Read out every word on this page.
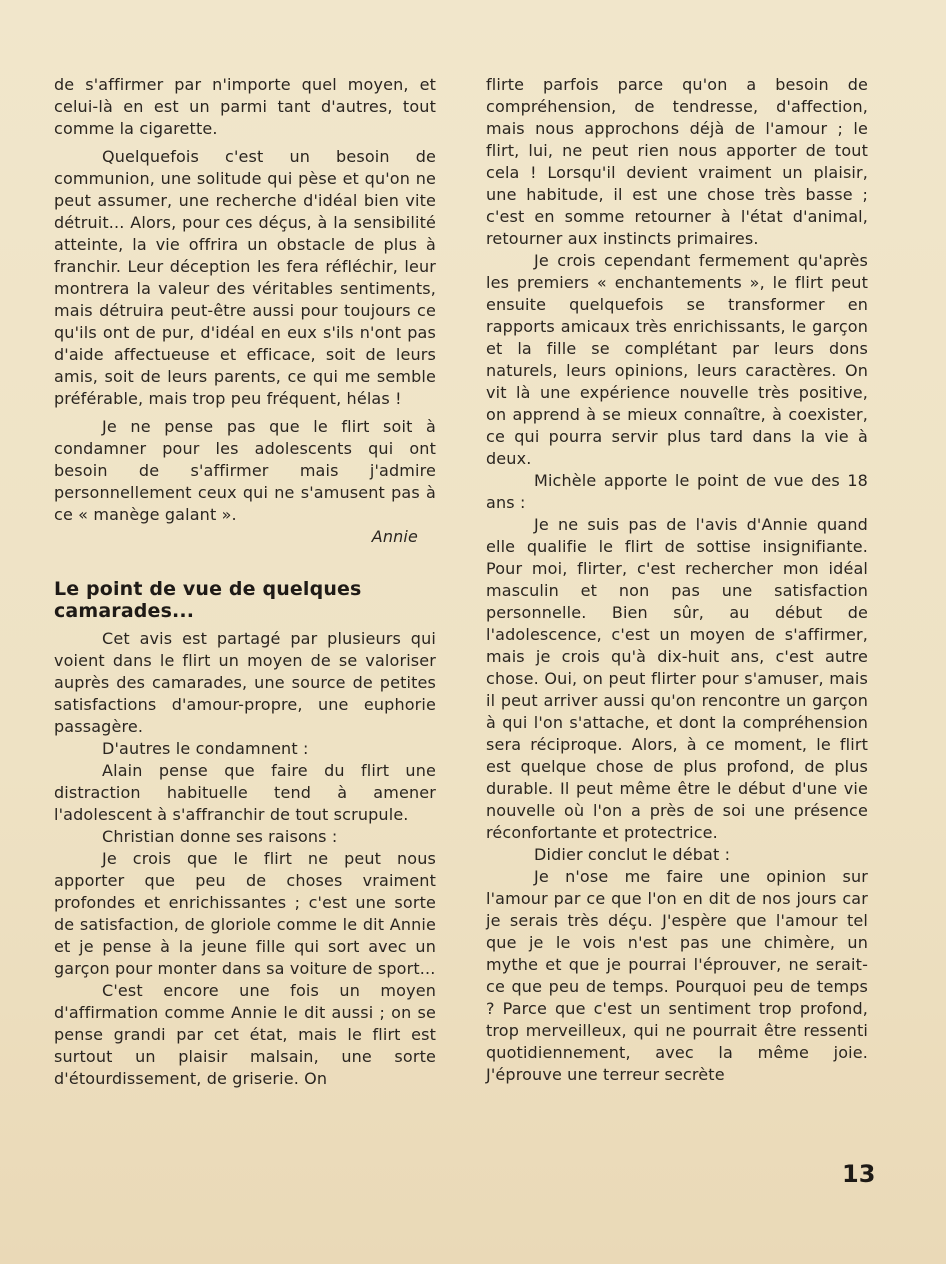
de s'affirmer par n'importe quel moyen, et celui-là en est un parmi tant d'autres, tout comme la cigarette.

Quelquefois c'est un besoin de communion, une solitude qui pèse et qu'on ne peut assumer, une recherche d'idéal bien vite détruit... Alors, pour ces déçus, à la sensibilité atteinte, la vie offrira un obstacle de plus à franchir. Leur déception les fera réfléchir, leur montrera la valeur des véritables sentiments, mais détruira peut-être aussi pour toujours ce qu'ils ont de pur, d'idéal en eux s'ils n'ont pas d'aide affectueuse et efficace, soit de leurs amis, soit de leurs parents, ce qui me semble préférable, mais trop peu fréquent, hélas !

Je ne pense pas que le flirt soit à condamner pour les adolescents qui ont besoin de s'affirmer mais j'admire personnellement ceux qui ne s'amusent pas à ce « manège galant ».

Annie

Le point de vue de quelques camarades...

Cet avis est partagé par plusieurs qui voient dans le flirt un moyen de se valoriser auprès des camarades, une source de petites satisfactions d'amour-propre, une euphorie passagère.

D'autres le condamnent :

Alain pense que faire du flirt une distraction habituelle tend à amener l'adolescent à s'affranchir de tout scrupule.

Christian donne ses raisons :

Je crois que le flirt ne peut nous apporter que peu de choses vraiment profondes et enrichissantes ; c'est une sorte de satisfaction, de gloriole comme le dit Annie et je pense à la jeune fille qui sort avec un garçon pour monter dans sa voiture de sport...

C'est encore une fois un moyen d'affirmation comme Annie le dit aussi ; on se pense grandi par cet état, mais le flirt est surtout un plaisir malsain, une sorte d'étourdissement, de griserie. On

flirte parfois parce qu'on a besoin de compréhension, de tendresse, d'affection, mais nous approchons déjà de l'amour ; le flirt, lui, ne peut rien nous apporter de tout cela ! Lorsqu'il devient vraiment un plaisir, une habitude, il est une chose très basse ; c'est en somme retourner à l'état d'animal, retourner aux instincts primaires.

Je crois cependant fermement qu'après les premiers « enchantements », le flirt peut ensuite quelquefois se transformer en rapports amicaux très enrichissants, le garçon et la fille se complétant par leurs dons naturels, leurs opinions, leurs caractères. On vit là une expérience nouvelle très positive, on apprend à se mieux connaître, à coexister, ce qui pourra servir plus tard dans la vie à deux.

Michèle apporte le point de vue des 18 ans :

Je ne suis pas de l'avis d'Annie quand elle qualifie le flirt de sottise insignifiante. Pour moi, flirter, c'est rechercher mon idéal masculin et non pas une satisfaction personnelle. Bien sûr, au début de l'adolescence, c'est un moyen de s'affirmer, mais je crois qu'à dix-huit ans, c'est autre chose. Oui, on peut flirter pour s'amuser, mais il peut arriver aussi qu'on rencontre un garçon à qui l'on s'attache, et dont la compréhension sera réciproque. Alors, à ce moment, le flirt est quelque chose de plus profond, de plus durable. Il peut même être le début d'une vie nouvelle où l'on a près de soi une présence réconfortante et protectrice.

Didier conclut le débat :

Je n'ose me faire une opinion sur l'amour par ce que l'on en dit de nos jours car je serais très déçu. J'espère que l'amour tel que je le vois n'est pas une chimère, un mythe et que je pourrai l'éprouver, ne serait-ce que peu de temps. Pourquoi peu de temps ? Parce que c'est un sentiment trop profond, trop merveilleux, qui ne pourrait être ressenti quotidiennement, avec la même joie. J'éprouve une terreur secrète

13
